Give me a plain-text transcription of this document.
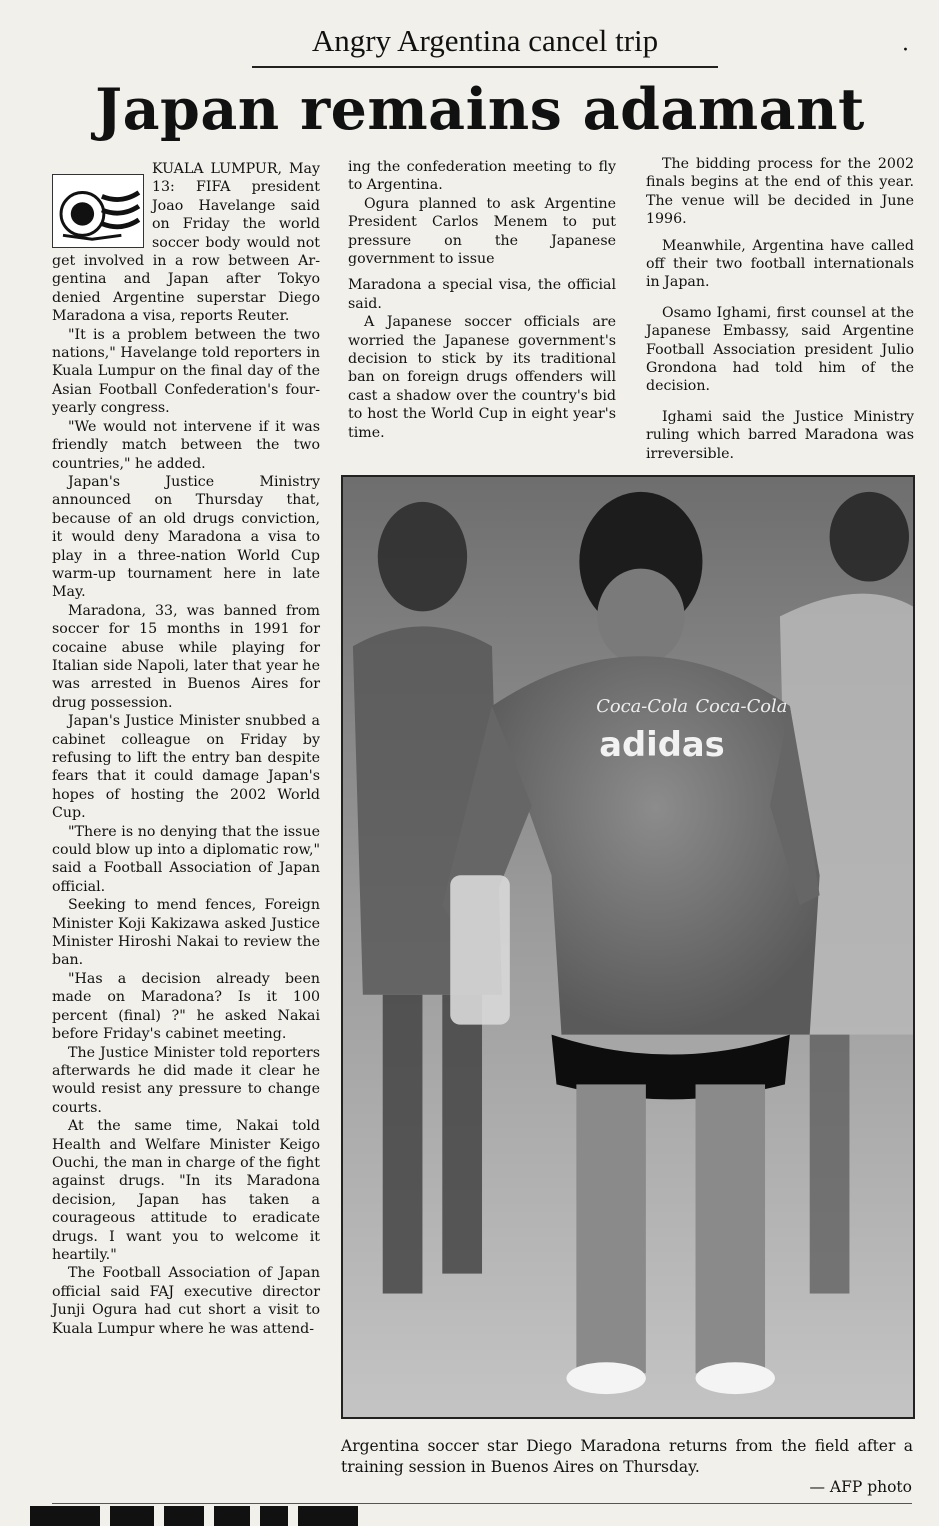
Angry Argentina cancel trip	·
Japan remains adamant

KUALA LUMPUR, May 13: FIFA president Joao Havelange said on Friday the world soccer body would not get involved in a row between Ar-gentina and Japan after Tokyo denied Argentine superstar Diego Maradona a visa, reports Reuter.

"It is a problem between the two nations," Havelange told reporters in Kuala Lumpur on the final day of the Asian Football Confederation's four-yearly congress.

"We would not intervene if it was friendly match between the two countries," he added.

Japan's Justice Ministry announced on Thursday that, because of an old drugs conviction, it would deny Maradona a visa to play in a three-nation World Cup warm-up tournament here in late May.

Maradona, 33, was banned from soccer for 15 months in 1991 for cocaine abuse while playing for Italian side Napoli, later that year he was arrested in Buenos Aires for drug possession.

Japan's Justice Minister snubbed a cabinet colleague on Friday by refusing to lift the entry ban despite fears that it could damage Japan's hopes of hosting the 2002 World Cup.

"There is no denying that the issue could blow up into a diplomatic row," said a Football Association of Japan official.

Seeking to mend fences, Foreign Minister Koji Kakizawa asked Justice Minister Hiroshi Nakai to review the ban.

"Has a decision already been made on Maradona? Is it 100 percent (final) ?" he asked Nakai before Friday's cabinet meeting.

The Justice Minister told reporters afterwards he did made it clear he would resist any pressure to change courts.

At the same time, Nakai told Health and Welfare Minister Keigo Ouchi, the man in charge of the fight against drugs. "In its Maradona decision, Japan has taken a courageous attitude to eradicate drugs. I want you to welcome it heartily."

The Football Association of Japan official said FAJ executive director Junji Ogura had cut short a visit to Kuala Lumpur where he was attend-

ing the confederation meeting to fly to Argentina.

Ogura planned to ask Argentine President Carlos Menem to put pressure on the Japanese government to issue

Maradona a special visa, the official said.

A Japanese soccer officials are worried the Japanese government's decision to stick by its traditional ban on foreign drugs offenders will cast a shadow over the country's bid to host the World Cup in eight year's time.

The bidding process for the 2002 finals begins at the end of this year. The venue will be decided in June 1996.

Meanwhile, Argentina have called off their two football internationals in Japan.

Osamo Ighami, first counsel at the Japanese Embassy, said Argentine Football Association president Julio Grondona had told him of the decision.

Ighami said the Justice Ministry ruling which barred Maradona was irreversible.

Coca-Cola Coca-Cola
adidas

Argentina soccer star Diego Maradona returns from the field after a training session in Buenos Aires on Thursday.

— AFP photo
